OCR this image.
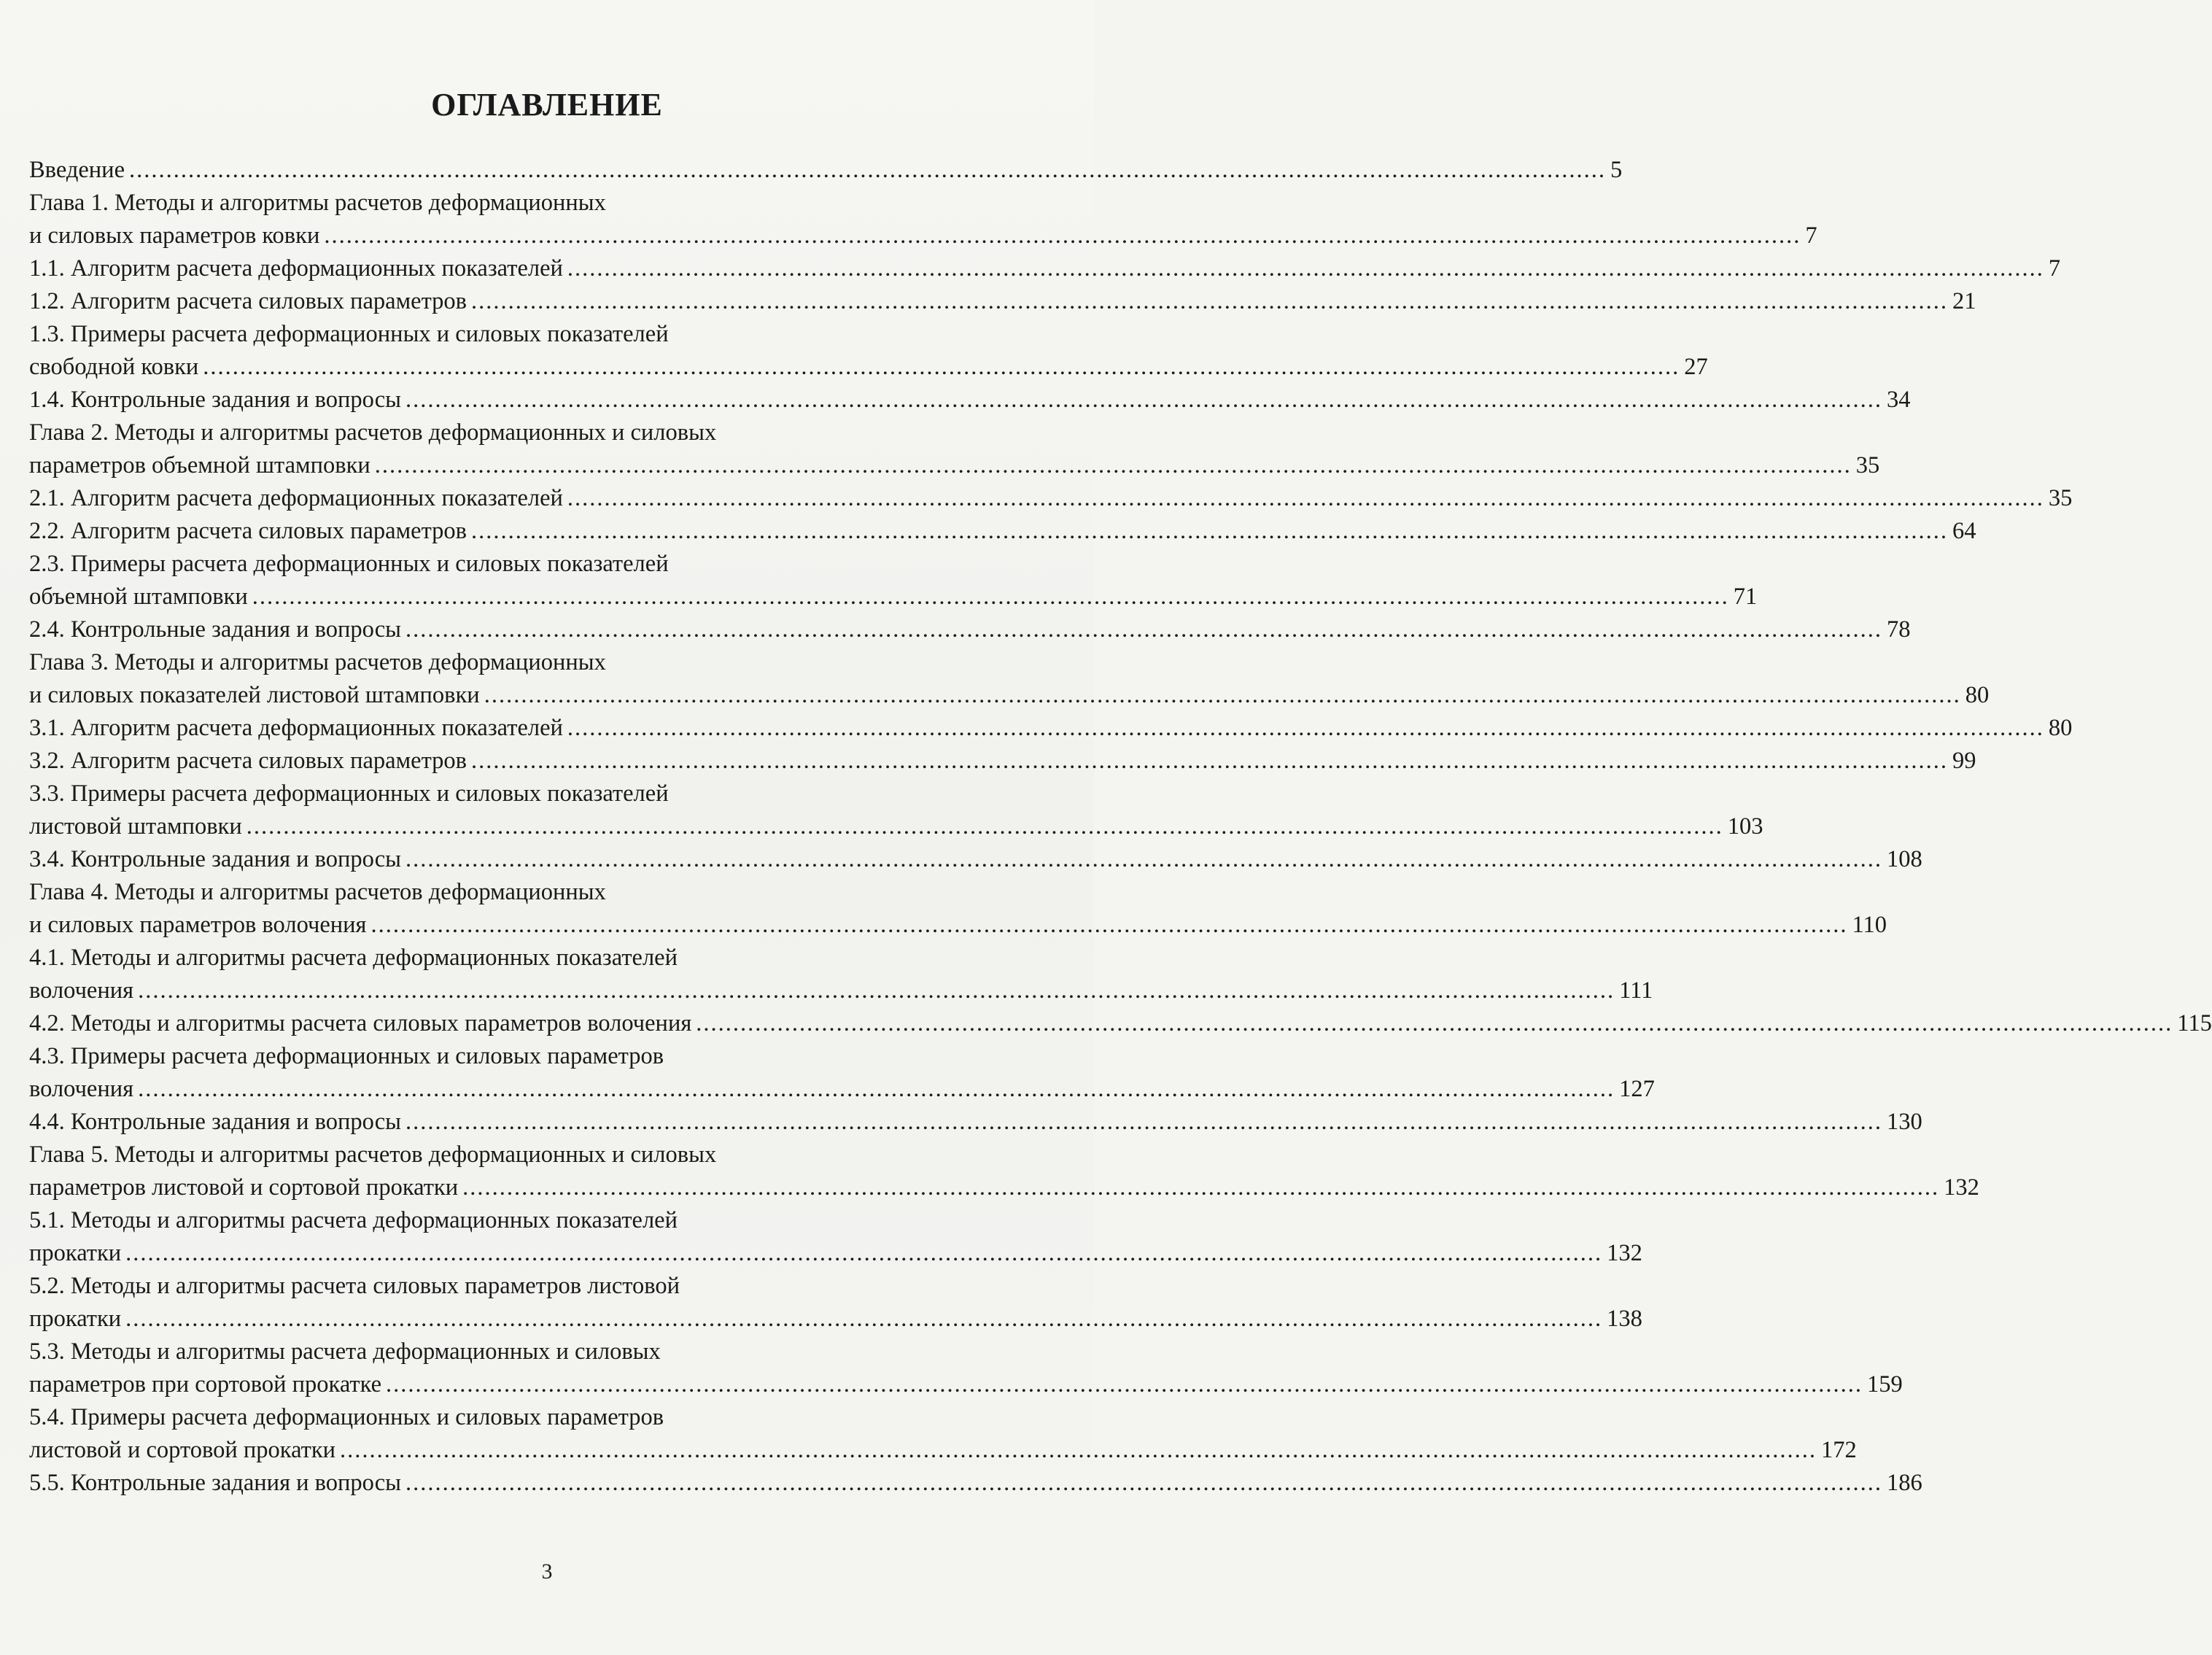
ОГЛАВЛЕНИЕ
Введение ........................................................................................................................................................................................................ 5
Глава 1. Методы и алгоритмы расчетов деформационных
и силовых параметров ковки ........................................................................................................................................................................................................ 7
1.1. Алгоритм расчета деформационных показателей ........................................................................................................................................................................................................ 7
1.2. Алгоритм расчета силовых параметров ........................................................................................................................................................................................................ 21
1.3. Примеры расчета деформационных и силовых показателей
свободной ковки ........................................................................................................................................................................................................ 27
1.4. Контрольные задания и вопросы ........................................................................................................................................................................................................ 34
Глава 2. Методы и алгоритмы расчетов деформационных и силовых
параметров объемной штамповки ........................................................................................................................................................................................................ 35
2.1. Алгоритм расчета деформационных показателей ........................................................................................................................................................................................................ 35
2.2. Алгоритм расчета силовых параметров ........................................................................................................................................................................................................ 64
2.3. Примеры расчета деформационных и силовых показателей
объемной штамповки ........................................................................................................................................................................................................ 71
2.4. Контрольные задания и вопросы ........................................................................................................................................................................................................ 78
Глава 3. Методы и алгоритмы расчетов деформационных
и силовых показателей листовой штамповки ........................................................................................................................................................................................................ 80
3.1. Алгоритм расчета деформационных показателей ........................................................................................................................................................................................................ 80
3.2. Алгоритм расчета силовых параметров ........................................................................................................................................................................................................ 99
3.3. Примеры расчета деформационных и силовых показателей
листовой штамповки ........................................................................................................................................................................................................ 103
3.4. Контрольные задания и вопросы ........................................................................................................................................................................................................ 108
Глава 4. Методы и алгоритмы расчетов деформационных
и силовых параметров волочения ........................................................................................................................................................................................................ 110
4.1. Методы и алгоритмы расчета деформационных показателей
волочения ........................................................................................................................................................................................................ 111
4.2. Методы и алгоритмы расчета силовых параметров волочения ........................................................................................................................................................................................................ 115
4.3. Примеры расчета деформационных и силовых параметров
волочения ........................................................................................................................................................................................................ 127
4.4. Контрольные задания и вопросы ........................................................................................................................................................................................................ 130
Глава 5. Методы и алгоритмы расчетов деформационных и силовых
параметров листовой и сортовой прокатки ........................................................................................................................................................................................................ 132
5.1. Методы и алгоритмы расчета деформационных показателей
прокатки ........................................................................................................................................................................................................ 132
5.2. Методы и алгоритмы расчета силовых параметров листовой
прокатки ........................................................................................................................................................................................................ 138
5.3. Методы и алгоритмы расчета деформационных и силовых
параметров при сортовой прокатке ........................................................................................................................................................................................................ 159
5.4. Примеры расчета деформационных и силовых параметров
листовой и сортовой прокатки ........................................................................................................................................................................................................ 172
5.5. Контрольные задания и вопросы ........................................................................................................................................................................................................ 186
3
